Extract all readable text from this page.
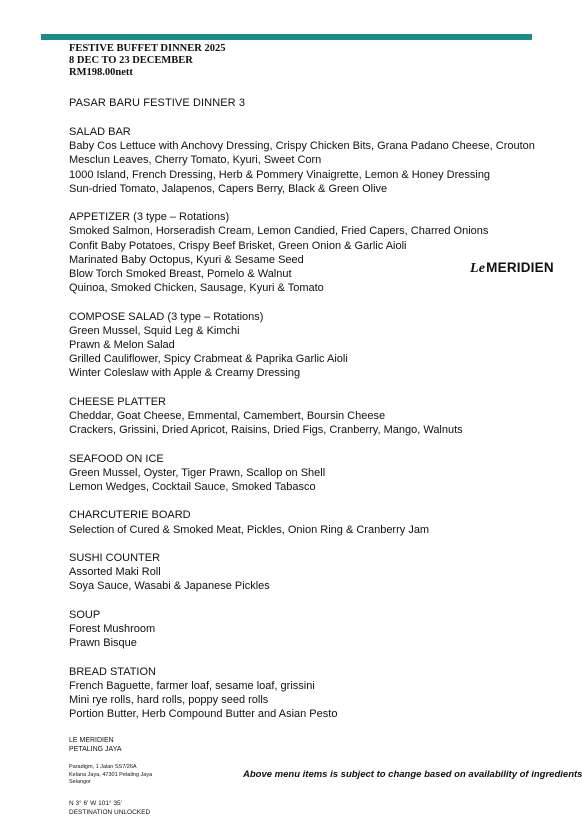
FESTIVE BUFFET DINNER 2025
8 DEC TO 23 DECEMBER
RM198.00nett
PASAR BARU FESTIVE DINNER 3
SALAD BAR
Baby Cos Lettuce with Anchovy Dressing, Crispy Chicken Bits, Grana Padano Cheese, Crouton
Mesclun Leaves, Cherry Tomato, Kyuri, Sweet Corn
1000 Island, French Dressing, Herb & Pommery Vinaigrette, Lemon & Honey Dressing
Sun-dried Tomato, Jalapenos, Capers Berry, Black & Green Olive
APPETIZER (3 type – Rotations)
Smoked Salmon, Horseradish Cream, Lemon Candied, Fried Capers, Charred Onions
Confit Baby Potatoes, Crispy Beef Brisket, Green Onion & Garlic Aioli
Marinated Baby Octopus, Kyuri & Sesame Seed
Blow Torch Smoked Breast, Pomelo & Walnut
Quinoa, Smoked Chicken, Sausage, Kyuri & Tomato
COMPOSE SALAD (3 type – Rotations)
Green Mussel, Squid Leg & Kimchi
Prawn & Melon Salad
Grilled Cauliflower, Spicy Crabmeat & Paprika Garlic Aioli
Winter Coleslaw with Apple & Creamy Dressing
CHEESE PLATTER
Cheddar, Goat Cheese, Emmental, Camembert, Boursin Cheese
Crackers, Grissini, Dried Apricot, Raisins, Dried Figs, Cranberry, Mango, Walnuts
SEAFOOD ON ICE
Green Mussel, Oyster, Tiger Prawn, Scallop on Shell
Lemon Wedges, Cocktail Sauce, Smoked Tabasco
CHARCUTERIE BOARD
Selection of Cured & Smoked Meat, Pickles, Onion Ring & Cranberry Jam
SUSHI COUNTER
Assorted Maki Roll
Soya Sauce, Wasabi & Japanese Pickles
SOUP
Forest Mushroom
Prawn Bisque
BREAD STATION
French Baguette, farmer loaf, sesame loaf, grissini
Mini rye rolls, hard rolls, poppy seed rolls
Portion Butter, Herb Compound Butter and Asian Pesto
LeMERIDIEN
LE MERIDIEN
PETALING JAYA
Paradigm, 1 Jalan SS7/26A
Kelana Jaya, 47301 Petaling Jaya
Selangor
N 3° 6' W 101° 35'
DESTINATION UNLOCKED
Above menu items is subject to change based on availability of ingredients
